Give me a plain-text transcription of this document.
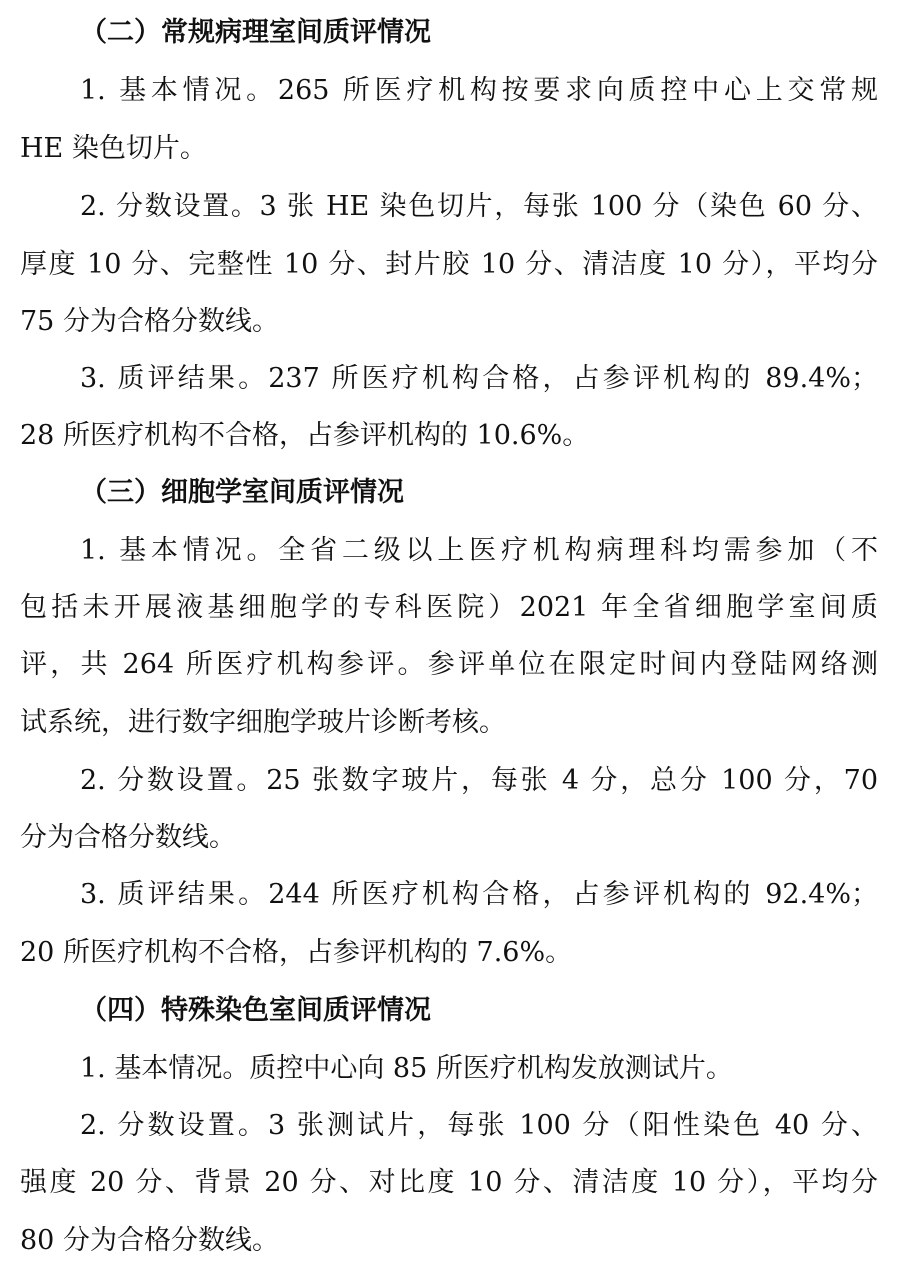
（二）常规病理室间质评情况
1. 基本情况。265 所医疗机构按要求向质控中心上交常规
HE 染色切片。
2. 分数设置。3 张 HE 染色切片，每张 100 分（染色 60 分、
厚度 10 分、完整性 10 分、封片胶 10 分、清洁度 10 分），平均分
75 分为合格分数线。
3. 质评结果。237 所医疗机构合格，占参评机构的 89.4%；
28 所医疗机构不合格，占参评机构的 10.6%。
（三）细胞学室间质评情况
1. 基本情况。全省二级以上医疗机构病理科均需参加（不
包括未开展液基细胞学的专科医院）2021 年全省细胞学室间质
评，共 264 所医疗机构参评。参评单位在限定时间内登陆网络测
试系统，进行数字细胞学玻片诊断考核。
2. 分数设置。25 张数字玻片，每张 4 分，总分 100 分，70
分为合格分数线。
3. 质评结果。244 所医疗机构合格，占参评机构的 92.4%；
20 所医疗机构不合格，占参评机构的 7.6%。
（四）特殊染色室间质评情况
1. 基本情况。质控中心向 85 所医疗机构发放测试片。
2. 分数设置。3 张测试片，每张 100 分（阳性染色 40 分、
强度 20 分、背景 20 分、对比度 10 分、清洁度 10 分），平均分
80 分为合格分数线。
